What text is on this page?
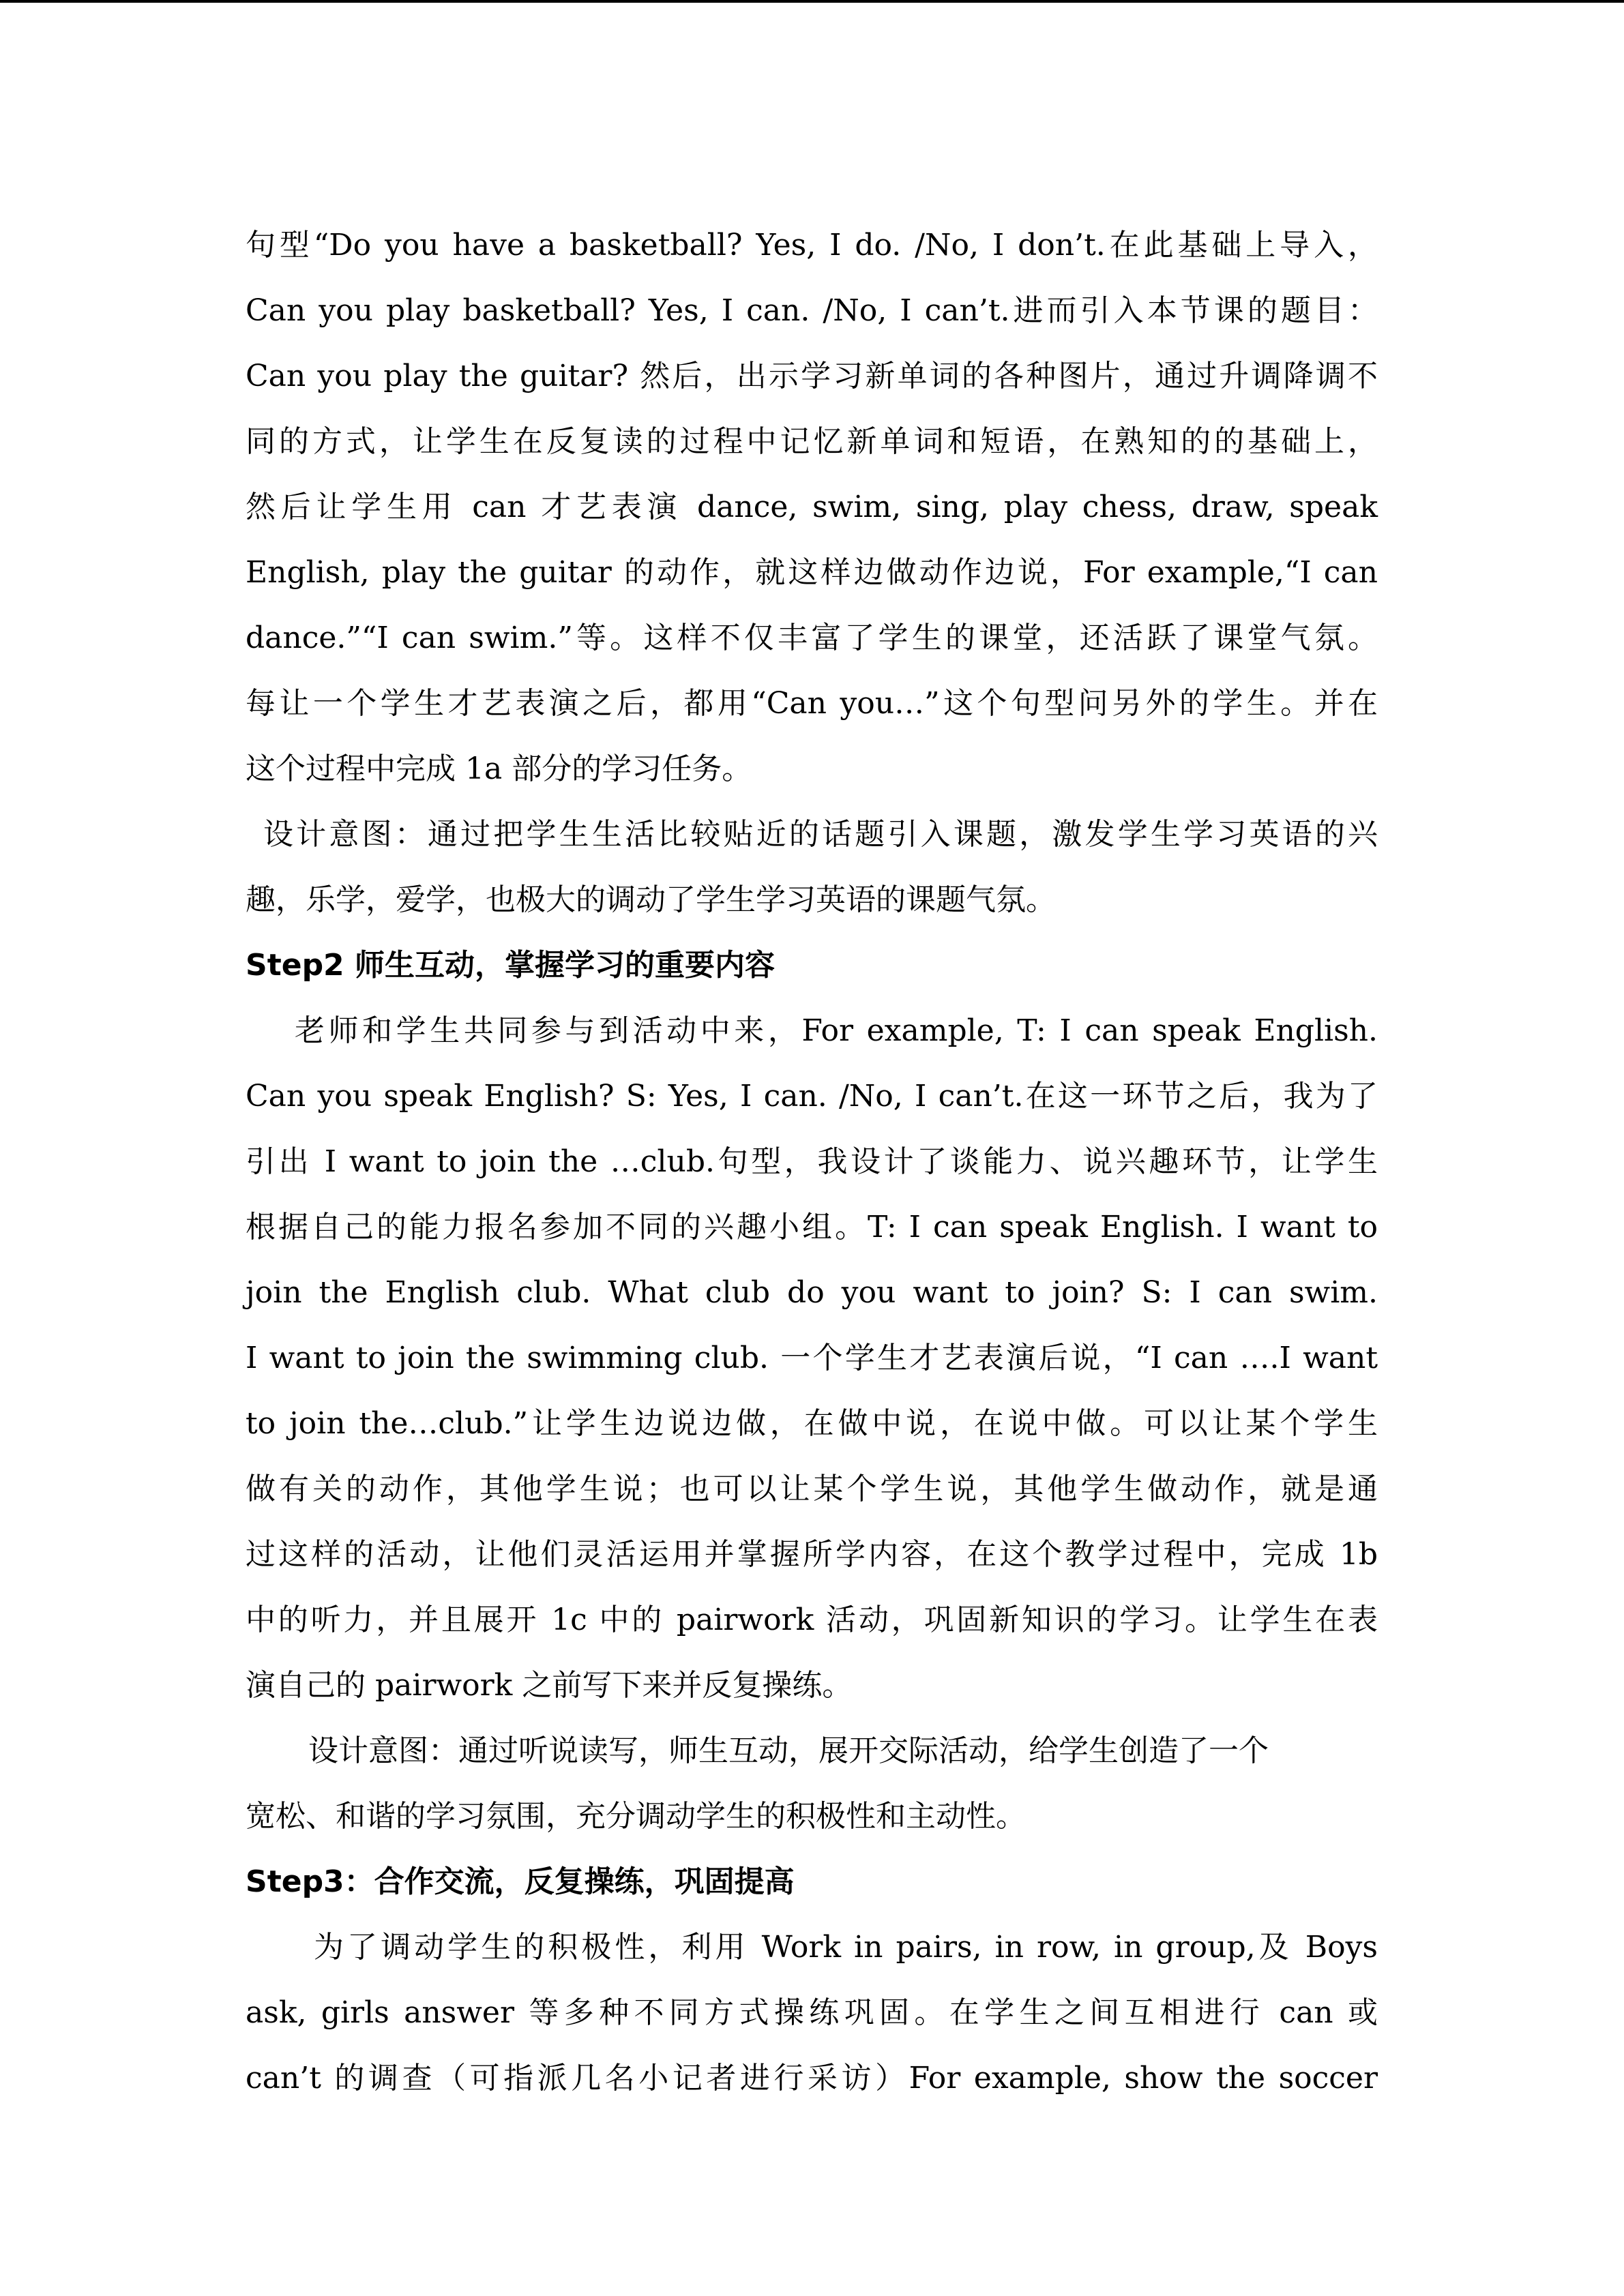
句型“Do you have a basketball? Yes, I do. /No, I don’t.在此基础上导入，
Can you play basketball? Yes, I can. /No, I can’t.进而引入本节课的题目：
Can you play the guitar? 然后，出示学习新单词的各种图片，通过升调降调不
同的方式，让学生在反复读的过程中记忆新单词和短语，在熟知的的基础上，
然后让学生用 can 才艺表演 dance, swim, sing, play chess, draw, speak
English, play the guitar 的动作，就这样边做动作边说，For example,“I can
dance.”“I can swim.”等。这样不仅丰富了学生的课堂，还活跃了课堂气氛。
每让一个学生才艺表演之后，都用“Can you…”这个句型问另外的学生。并在
这个过程中完成 1a 部分的学习任务。
设计意图：通过把学生生活比较贴近的话题引入课题，激发学生学习英语的兴
趣，乐学，爱学，也极大的调动了学生学习英语的课题气氛。
Step2 师生互动，掌握学习的重要内容
老师和学生共同参与到活动中来，For example, T: I can speak English.
Can you speak English? S: Yes, I can. /No, I can’t.在这一环节之后，我为了
引出 I want to join the …club.句型，我设计了谈能力、说兴趣环节，让学生
根据自己的能力报名参加不同的兴趣小组。T: I can speak English. I want to
join the English club. What club do you want to join? S: I can swim.
I want to join the swimming club. 一个学生才艺表演后说，“I can ….I want
to join the…club.”让学生边说边做，在做中说，在说中做。可以让某个学生
做有关的动作，其他学生说；也可以让某个学生说，其他学生做动作，就是通
过这样的活动，让他们灵活运用并掌握所学内容，在这个教学过程中，完成 1b
中的听力，并且展开 1c 中的 pairwork 活动，巩固新知识的学习。让学生在表
演自己的 pairwork 之前写下来并反复操练。
设计意图：通过听说读写，师生互动，展开交际活动，给学生创造了一个
宽松、和谐的学习氛围，充分调动学生的积极性和主动性。
Step3：合作交流，反复操练，巩固提高
为了调动学生的积极性，利用 Work in pairs, in row, in group,及 Boys
ask, girls answer 等多种不同方式操练巩固。在学生之间互相进行 can 或
can’t 的调查（可指派几名小记者进行采访）For example, show the soccer
